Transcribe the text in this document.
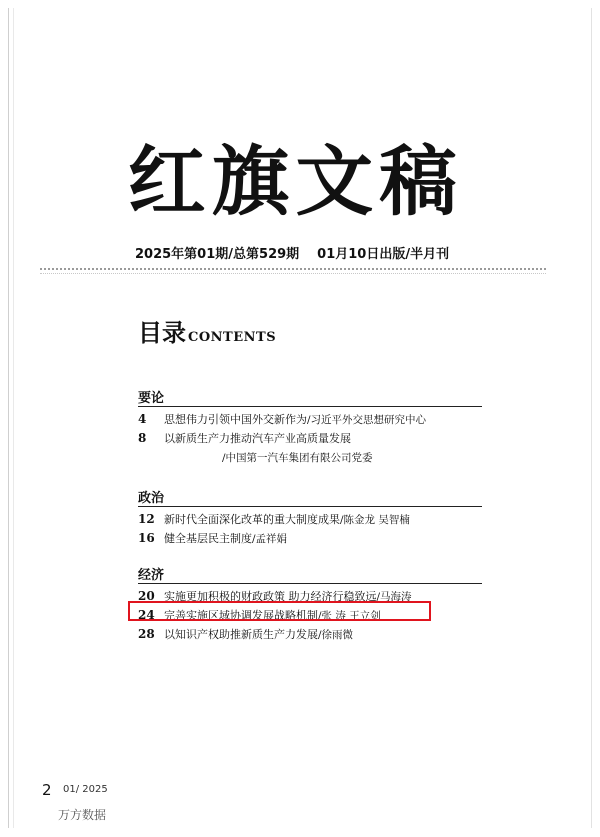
红旗文稿
2025年第01期/总第529期 01月10日出版/半月刊
目录 CONTENTS
要论
4 思想伟力引领中国外交新作为/习近平外交思想研究中心
8 以新质生产力推动汽车产业高质量发展
/中国第一汽车集团有限公司党委
政治
12 新时代全面深化改革的重大制度成果/陈金龙 吴智楠
16 健全基层民主制度/孟祥娟
经济
20 实施更加积极的财政政策 助力经济行稳致远/马海涛
24 完善实施区域协调发展战略机制/张 涛 王立剑
28 以知识产权助推新质生产力发展/徐雨微
2 01/ 2025
万方数据
